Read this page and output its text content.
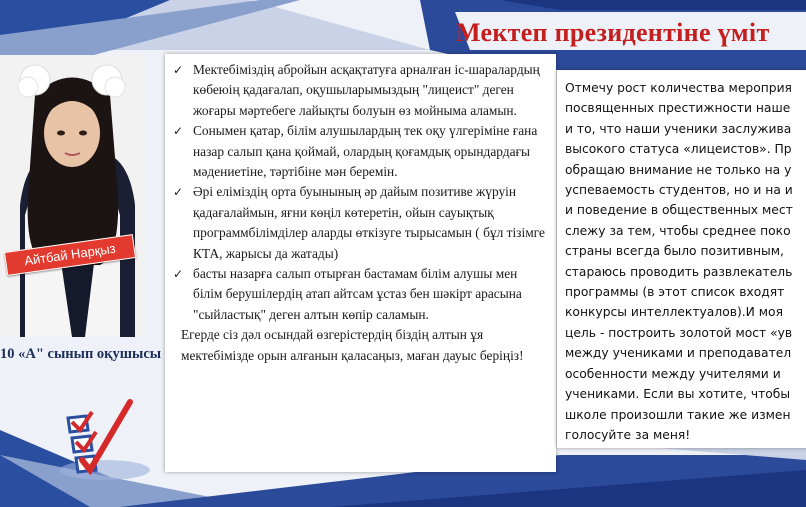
Айтбай Нарқыз
10 «А" сынып оқушысы
Мектеп президентіне үміт
✓ Мектебіміздің абройын асқақтатуға арналған іс-шаралардың көбеюің қадағалап, оқушыларымыздың "лицеист" деген жоғары мәртебеге лайықты болуын өз мойныма аламын.
✓ Сонымен қатар, білім алушылардың тек оқу үлгеріміне ғана назар салып қана қоймай, олардың қоғамдық орындардағы мәдениетіне, тәртібіне мән беремін.
✓ Әрі еліміздің орта буынының әр дайым позитиве жүруін қадағалаймын, яғни көңіл көтеретін, ойын сауықтық программбілімділер аларды өткізуге тырысамын ( бұл тізімге КТА, жарысы да жатады)
✓ басты назарға салып отырған бастамам білім алушы мен білім берушілердің атап айтсам ұстаз бен шәкірт арасына "сыйластық" деген алтын көпір саламын.
Егерде сіз дәл осындай өзгерістердің біздің алтын ұя мектебімізде орын алғанын қаласаңыз, маған дауыс беріңіз!
Отмечу рост количества мероприя
посвященных престижности наше
и то, что наши ученики заслужива
высокого статуса «лицеистов». Пр
обращаю внимание не только на у
успеваемость студентов, но и на и
и поведение в общественных мест
слежу за тем, чтобы среднее поко
страны всегда было позитивным,
стараюсь проводить развлекатель
программы (в этот список входят
конкурсы интеллектуалов).И моя
цель - построить золотой мост «ув
между учениками и преподавател
особенности между учителями и
учениками. Если вы хотите, чтобы
школе произошли такие же измен
голосуйте за меня!
